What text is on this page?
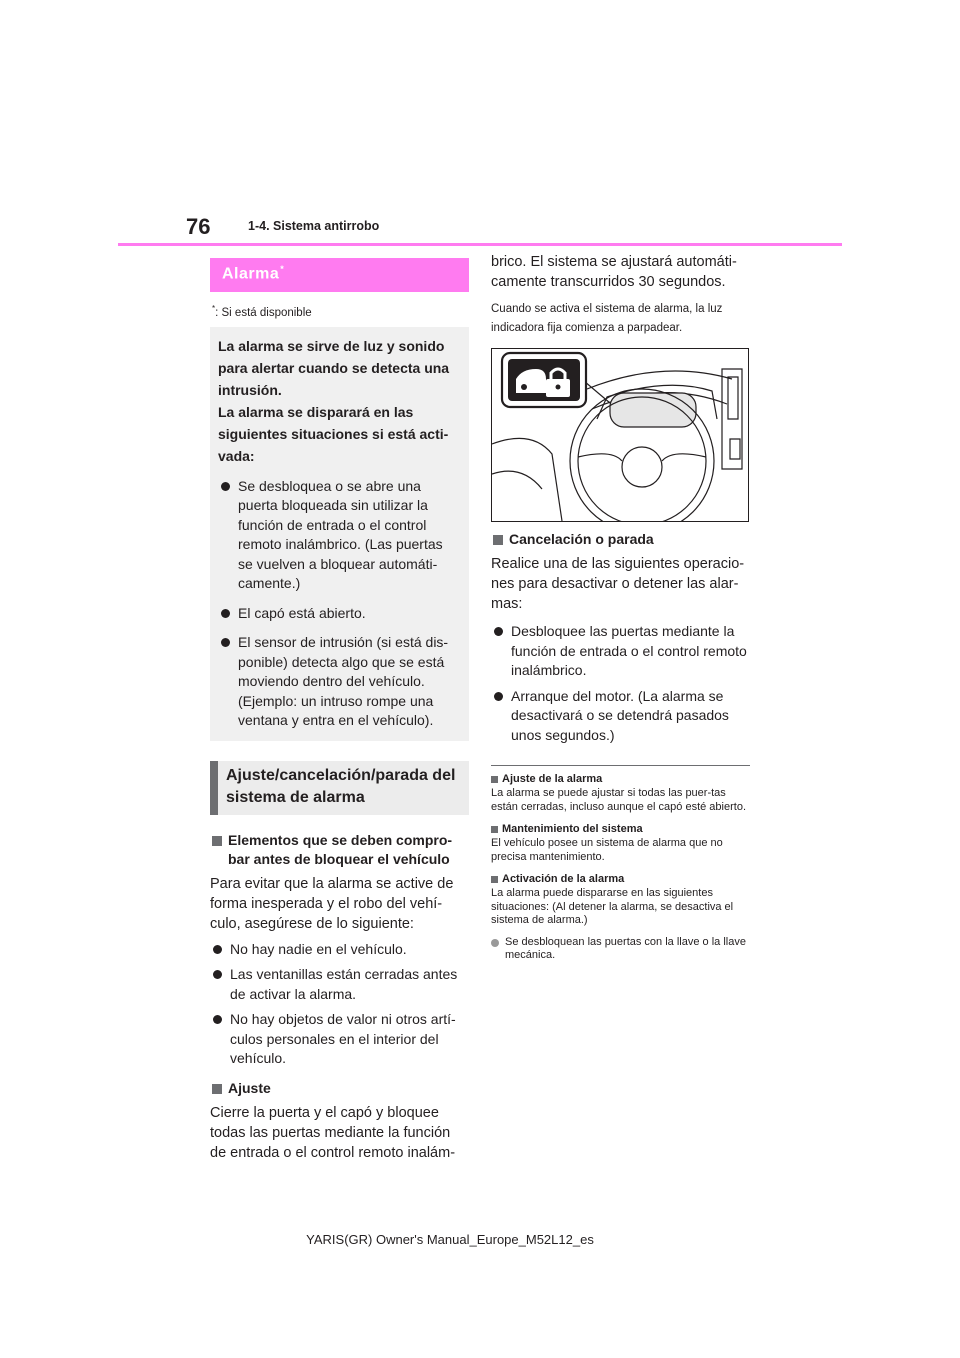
76	1-4. Sistema antirrobo
Alarma*
*: Si está disponible
La alarma se sirve de luz y sonido
para alertar cuando se detecta una
intrusión.
La alarma se disparará en las
siguientes situaciones si está acti-
vada:
Se desbloquea o se abre una puerta bloqueada sin utilizar la función de entrada o el control remoto inalámbrico. (Las puertas se vuelven a bloquear automáti-camente.)
El capó está abierto.
El sensor de intrusión (si está dis-ponible) detecta algo que se está moviendo dentro del vehículo. (Ejemplo: un intruso rompe una ventana y entra en el vehículo).
Ajuste/cancelación/parada del sistema de alarma
Elementos que se deben compro-bar antes de bloquear el vehículo
Para evitar que la alarma se active de forma inesperada y el robo del vehí-culo, asegúrese de lo siguiente:
No hay nadie en el vehículo.
Las ventanillas están cerradas antes de activar la alarma.
No hay objetos de valor ni otros artí-culos personales en el interior del vehículo.
Ajuste
Cierre la puerta y el capó y bloquee todas las puertas mediante la función de entrada o el control remoto inalám-
brico. El sistema se ajustará automáti-camente transcurridos 30 segundos.
Cuando se activa el sistema de alarma, la luz indicadora fija comienza a parpadear.
Cancelación o parada
Realice una de las siguientes operacio-nes para desactivar o detener las alar-mas:
Desbloquee las puertas mediante la función de entrada o el control remoto inalámbrico.
Arranque del motor. (La alarma se desactivará o se detendrá pasados unos segundos.)
Ajuste de la alarma
La alarma se puede ajustar si todas las puer-tas están cerradas, incluso aunque el capó esté abierto.
Mantenimiento del sistema
El vehículo posee un sistema de alarma que no precisa mantenimiento.
Activación de la alarma
La alarma puede dispararse en las siguientes situaciones: (Al detener la alarma, se desactiva el sistema de alarma.)
Se desbloquean las puertas con la llave o la llave mecánica.
YARIS(GR) Owner's Manual_Europe_M52L12_es
